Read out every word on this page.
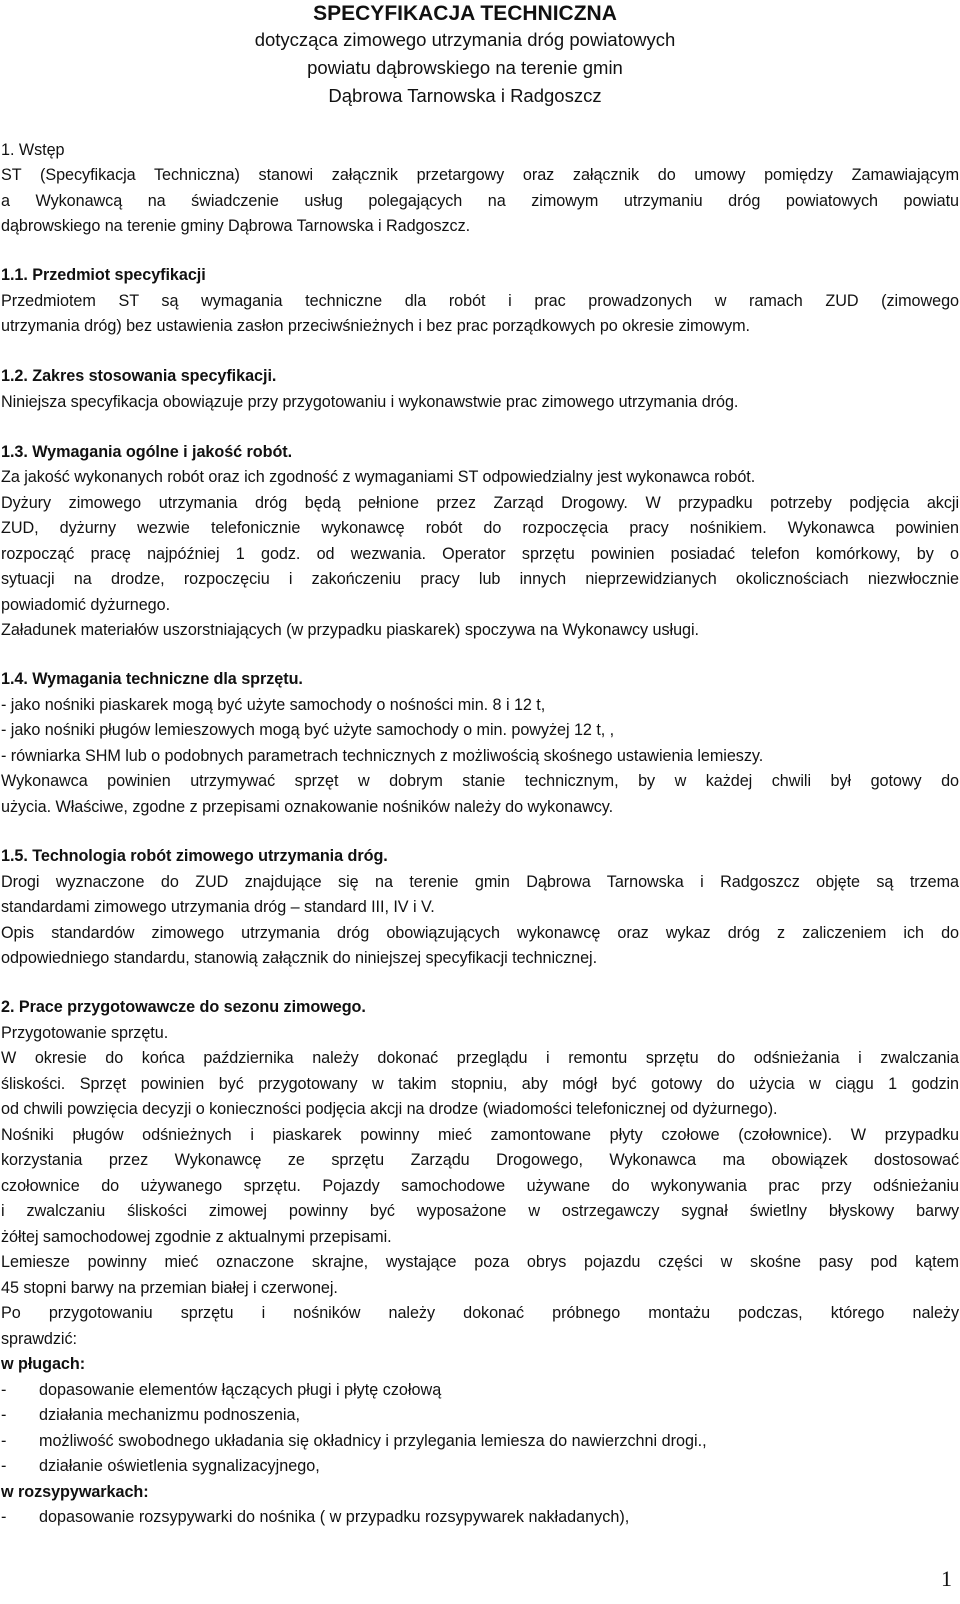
SPECYFIKACJA TECHNICZNA
dotycząca zimowego utrzymania dróg powiatowych
powiatu dąbrowskiego na terenie gmin
Dąbrowa Tarnowska i Radgoszcz
1. Wstęp
ST (Specyfikacja Techniczna) stanowi załącznik przetargowy oraz załącznik do umowy pomiędzy Zamawiającym
a Wykonawcą na świadczenie usług polegających na zimowym utrzymaniu dróg powiatowych powiatu
dąbrowskiego na terenie gminy Dąbrowa Tarnowska i Radgoszcz.
1.1. Przedmiot specyfikacji
Przedmiotem ST są wymagania techniczne dla robót i prac prowadzonych w ramach ZUD (zimowego
utrzymania dróg) bez ustawienia zasłon przeciwśnieżnych i bez prac porządkowych po okresie zimowym.
1.2. Zakres stosowania specyfikacji.
Niniejsza specyfikacja obowiązuje przy przygotowaniu i wykonawstwie prac zimowego utrzymania dróg.
1.3. Wymagania ogólne i jakość robót.
Za jakość wykonanych robót oraz ich zgodność z wymaganiami ST odpowiedzialny jest wykonawca robót.
Dyżury zimowego utrzymania dróg będą pełnione przez Zarząd Drogowy. W przypadku potrzeby podjęcia akcji
ZUD, dyżurny wezwie telefonicznie wykonawcę robót do rozpoczęcia pracy nośnikiem. Wykonawca powinien
rozpocząć pracę najpóźniej 1 godz. od wezwania. Operator sprzętu powinien posiadać telefon komórkowy, by o
sytuacji na drodze, rozpoczęciu i zakończeniu pracy lub innych nieprzewidzianych okolicznościach niezwłocznie
powiadomić dyżurnego.
Załadunek materiałów uszorstniających (w przypadku piaskarek) spoczywa na Wykonawcy usługi.
1.4. Wymagania techniczne dla sprzętu.
- jako nośniki piaskarek mogą być użyte samochody o nośności min. 8 i 12 t,
- jako nośniki pługów lemieszowych mogą być użyte samochody o min. powyżej 12 t, ,
- równiarka SHM lub o podobnych parametrach technicznych z możliwością skośnego ustawienia lemieszy.
Wykonawca powinien utrzymywać sprzęt w dobrym stanie technicznym, by w każdej chwili był gotowy do
użycia. Właściwe, zgodne z przepisami oznakowanie nośników należy do wykonawcy.
1.5. Technologia robót zimowego utrzymania dróg.
Drogi wyznaczone do ZUD znajdujące się na terenie gmin Dąbrowa Tarnowska i Radgoszcz objęte są trzema
standardami zimowego utrzymania dróg – standard III, IV i V.
Opis standardów zimowego utrzymania dróg obowiązujących wykonawcę oraz wykaz dróg z zaliczeniem ich do
odpowiedniego standardu, stanowią załącznik do niniejszej specyfikacji technicznej.
2. Prace przygotowawcze do sezonu zimowego.
Przygotowanie sprzętu.
W okresie do końca października należy dokonać przeglądu i remontu sprzętu do odśnieżania i zwalczania
śliskości. Sprzęt powinien być przygotowany w takim stopniu, aby mógł być gotowy do użycia w ciągu 1 godzin
od chwili powzięcia decyzji o konieczności podjęcia akcji na drodze (wiadomości telefonicznej od dyżurnego).
Nośniki pługów odśnieżnych i piaskarek powinny mieć zamontowane płyty czołowe (czołownice). W przypadku
korzystania przez Wykonawcę ze sprzętu Zarządu Drogowego, Wykonawca ma obowiązek dostosować
czołownice do używanego sprzętu. Pojazdy samochodowe używane do wykonywania prac przy odśnieżaniu
i zwalczaniu śliskości zimowej powinny być wyposażone w ostrzegawczy sygnał świetlny błyskowy barwy
żółtej samochodowej zgodnie z aktualnymi przepisami.
Lemiesze powinny mieć oznaczone skrajne, wystające poza obrys pojazdu części w skośne pasy pod kątem
45 stopni barwy na przemian białej i czerwonej.
Po przygotowaniu sprzętu i nośników należy dokonać próbnego montażu podczas, którego należy
sprawdzić:
w pługach:
- dopasowanie elementów łączących pługi i płytę czołową
- działania mechanizmu podnoszenia,
- możliwość swobodnego układania się okładnicy i przylegania lemiesza do nawierzchni drogi.,
- działanie oświetlenia sygnalizacyjnego,
w rozsypywarkach:
- dopasowanie rozsypywarki do nośnika ( w przypadku rozsypywarek nakładanych),
1
